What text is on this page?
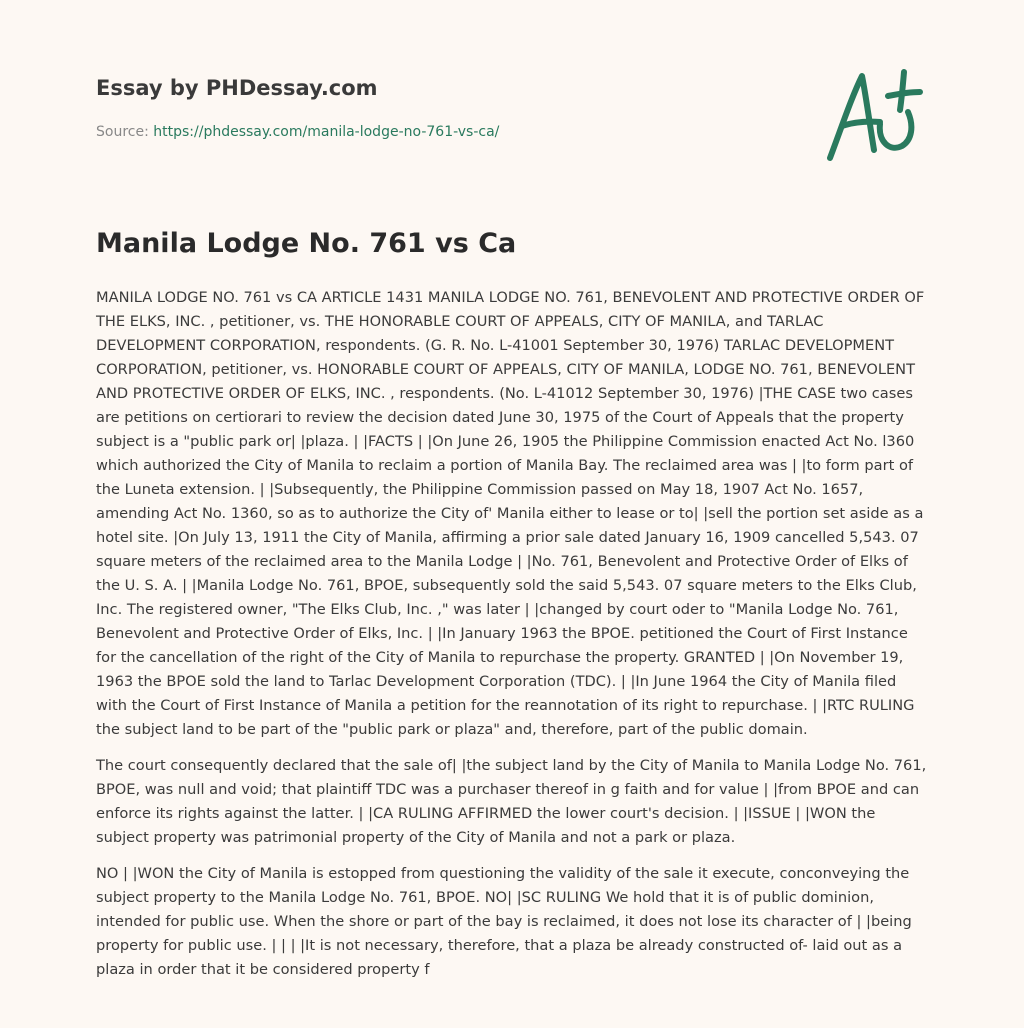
Essay by PHDessay.com
Source: https://phdessay.com/manila-lodge-no-761-vs-ca/
Manila Lodge No. 761 vs Ca

MANILA LODGE NO. 761 vs CA ARTICLE 1431 MANILA LODGE NO. 761, BENEVOLENT AND PROTECTIVE ORDER OF THE ELKS, INC. , petitioner, vs. THE HONORABLE COURT OF APPEALS, CITY OF MANILA, and TARLAC DEVELOPMENT CORPORATION, respondents. (G. R. No. L-41001 September 30, 1976) TARLAC DEVELOPMENT CORPORATION, petitioner, vs. HONORABLE COURT OF APPEALS, CITY OF MANILA, LODGE NO. 761, BENEVOLENT AND PROTECTIVE ORDER OF ELKS, INC. , respondents. (No. L-41012 September 30, 1976) |THE CASE two cases are petitions on certiorari to review the decision dated June 30, 1975 of the Court of Appeals that the property subject is a "public park or| |plaza. | |FACTS | |On June 26, 1905 the Philippine Commission enacted Act No. l360 which authorized the City of Manila to reclaim a portion of Manila Bay. The reclaimed area was | |to form part of the Luneta extension. | |Subsequently, the Philippine Commission passed on May 18, 1907 Act No. 1657, amending Act No. 1360, so as to authorize the City of' Manila either to lease or to| |sell the portion set aside as a hotel site. |On July 13, 1911 the City of Manila, affirming a prior sale dated January 16, 1909 cancelled 5,543. 07 square meters of the reclaimed area to the Manila Lodge | |No. 761, Benevolent and Protective Order of Elks of the U. S. A. | |Manila Lodge No. 761, BPOE, subsequently sold the said 5,543. 07 square meters to the Elks Club, Inc. The registered owner, "The Elks Club, Inc. ," was later | |changed by court oder to "Manila Lodge No. 761, Benevolent and Protective Order of Elks, Inc. | |In January 1963 the BPOE. petitioned the Court of First Instance for the cancellation of the right of the City of Manila to repurchase the property. GRANTED | |On November 19, 1963 the BPOE sold the land to Tarlac Development Corporation (TDC). | |In June 1964 the City of Manila filed with the Court of First Instance of Manila a petition for the reannotation of its right to repurchase. | |RTC RULING the subject land to be part of the "public park or plaza" and, therefore, part of the public domain.

The court consequently declared that the sale of| |the subject land by the City of Manila to Manila Lodge No. 761, BPOE, was null and void; that plaintiff TDC was a purchaser thereof in g faith and for value | |from BPOE and can enforce its rights against the latter. | |CA RULING AFFIRMED the lower court's decision. | |ISSUE | |WON the subject property was patrimonial property of the City of Manila and not a park or plaza.

NO | |WON the City of Manila is estopped from questioning the validity of the sale it execute, conconveying the subject property to the Manila Lodge No. 761, BPOE. NO| |SC RULING We hold that it is of public dominion, intended for public use. When the shore or part of the bay is reclaimed, it does not lose its character of | |being property for public use. | | | |It is not necessary, therefore, that a plaza be already constructed of- laid out as a plaza in order that it be considered property f
